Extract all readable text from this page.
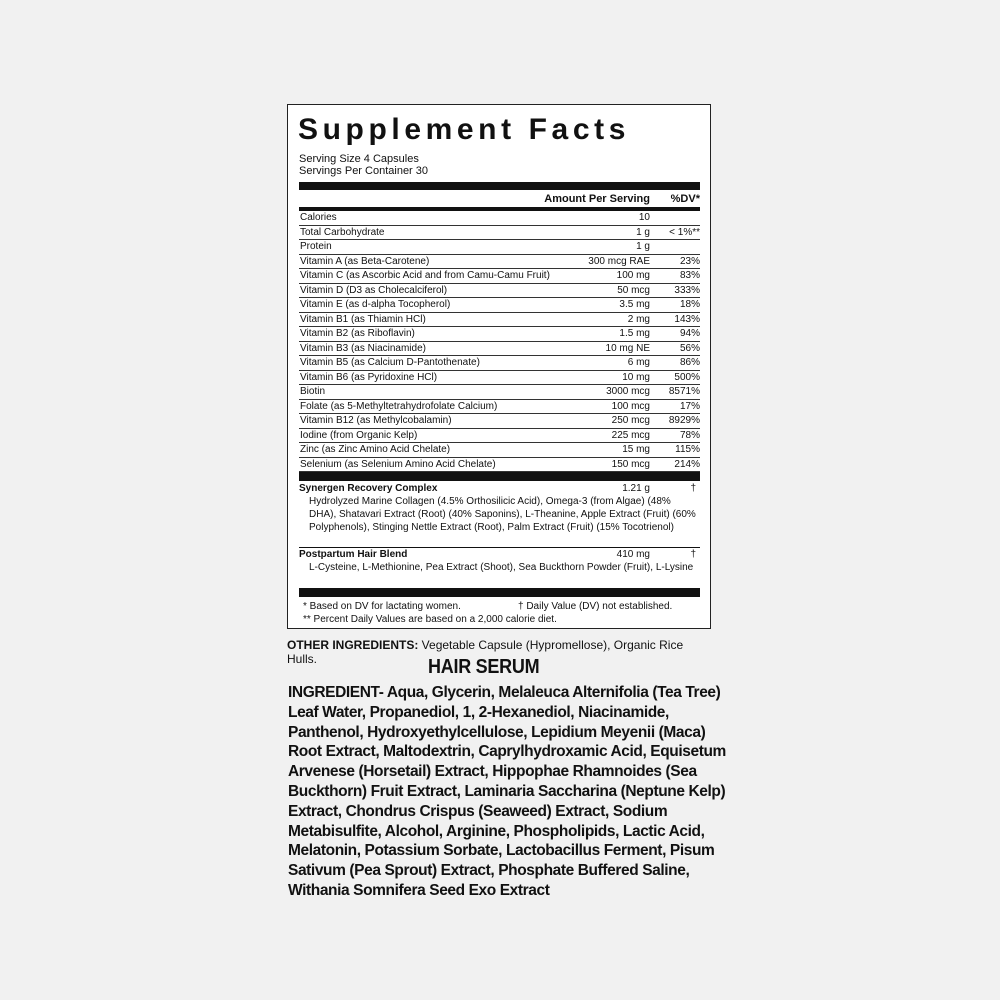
Supplement Facts
Serving Size 4 Capsules
Servings Per Container 30
Amount Per Serving %DV*
Calories	10
Total Carbohydrate	1 g < 1%**
Protein	1 g
Vitamin A (as Beta-Carotene)	300 mcg RAE	23%
Vitamin C (as Ascorbic Acid and from Camu-Camu Fruit)	100 mg	83%
Vitamin D (D3 as Cholecalciferol)	50 mcg 333%
Vitamin E (as d-alpha Tocopherol)	3.5 mg	18%
Vitamin B1 (as Thiamin HCl)	2 mg 143%
Vitamin B2 (as Riboflavin)	1.5 mg	94%
Vitamin B3 (as Niacinamide)	10 mg NE	56%
Vitamin B5 (as Calcium D-Pantothenate)	6 mg	86%
Vitamin B6 (as Pyridoxine HCl)	10 mg 500%
Biotin	3000 mcg 8571%
Folate (as 5-Methyltetrahydrofolate Calcium)	100 mcg	17%
Vitamin B12 (as Methylcobalamin)	250 mcg 8929%
Iodine (from Organic Kelp)	225 mcg	78%
Zinc (as Zinc Amino Acid Chelate)	15 mg	115%
Selenium (as Selenium Amino Acid Chelate)	150 mcg 214%
Synergen Recovery Complex	1.21 g	†
Hydrolyzed Marine Collagen (4.5% Orthosilicic Acid), Omega-3 (from Algae) (48% DHA), Shatavari Extract (Root) (40% Saponins), L-Theanine, Apple Extract (Fruit) (60% Polyphenols), Stinging Nettle Extract (Root), Palm Extract (Fruit) (15% Tocotrienol)
Postpartum Hair Blend	410 mg	†
L-Cysteine, L-Methionine, Pea Extract (Shoot), Sea Buckthorn Powder (Fruit), L-Lysine
* Based on DV for lactating women.	† Daily Value (DV) not established.
** Percent Daily Values are based on a 2,000 calorie diet.
OTHER INGREDIENTS: Vegetable Capsule (Hypromellose), Organic Rice Hulls.	HAIR SERUM
INGREDIENT- Aqua, Glycerin, Melaleuca Alternifolia (Tea Tree)
Leaf Water, Propanediol, 1, 2-Hexanediol, Niacinamide,
Panthenol, Hydroxyethylcellulose, Lepidium Meyenii (Maca)
Root Extract, Maltodextrin, Caprylhydroxamic Acid, Equisetum
Arvenese (Horsetail) Extract, Hippophae Rhamnoides (Sea
Buckthorn) Fruit Extract, Laminaria Saccharina (Neptune Kelp)
Extract, Chondrus Crispus (Seaweed) Extract, Sodium
Metabisulfite, Alcohol, Arginine, Phospholipids, Lactic Acid,
Melatonin, Potassium Sorbate, Lactobacillus Ferment, Pisum
Sativum (Pea Sprout) Extract, Phosphate Buffered Saline,
Withania Somnifera Seed Exo Extract
